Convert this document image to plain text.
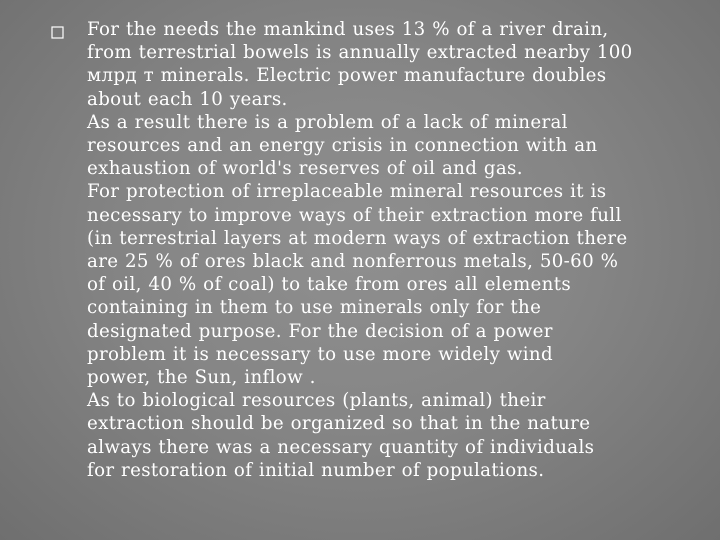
For the needs the mankind uses 13 % of a river drain,
from terrestrial bowels is annually extracted nearby 100
млрд т minerals. Electric power manufacture doubles
about each 10 years.
As a result there is a problem of a lack of mineral
resources and an energy crisis in connection with an
exhaustion of world's reserves of oil and gas.
For protection of irreplaceable mineral resources it is
necessary to improve ways of their extraction more full
(in terrestrial layers at modern ways of extraction there
are 25 % of ores black and nonferrous metals, 50-60 %
of oil, 40 % of coal) to take from ores all elements
containing in them to use minerals only for the
designated purpose. For the decision of a power
problem it is necessary to use more widely wind
power, the Sun, inflow .
As to biological resources (plants, animal) their
extraction should be organized so that in the nature
always there was a necessary quantity of individuals
for restoration of initial number of populations.
